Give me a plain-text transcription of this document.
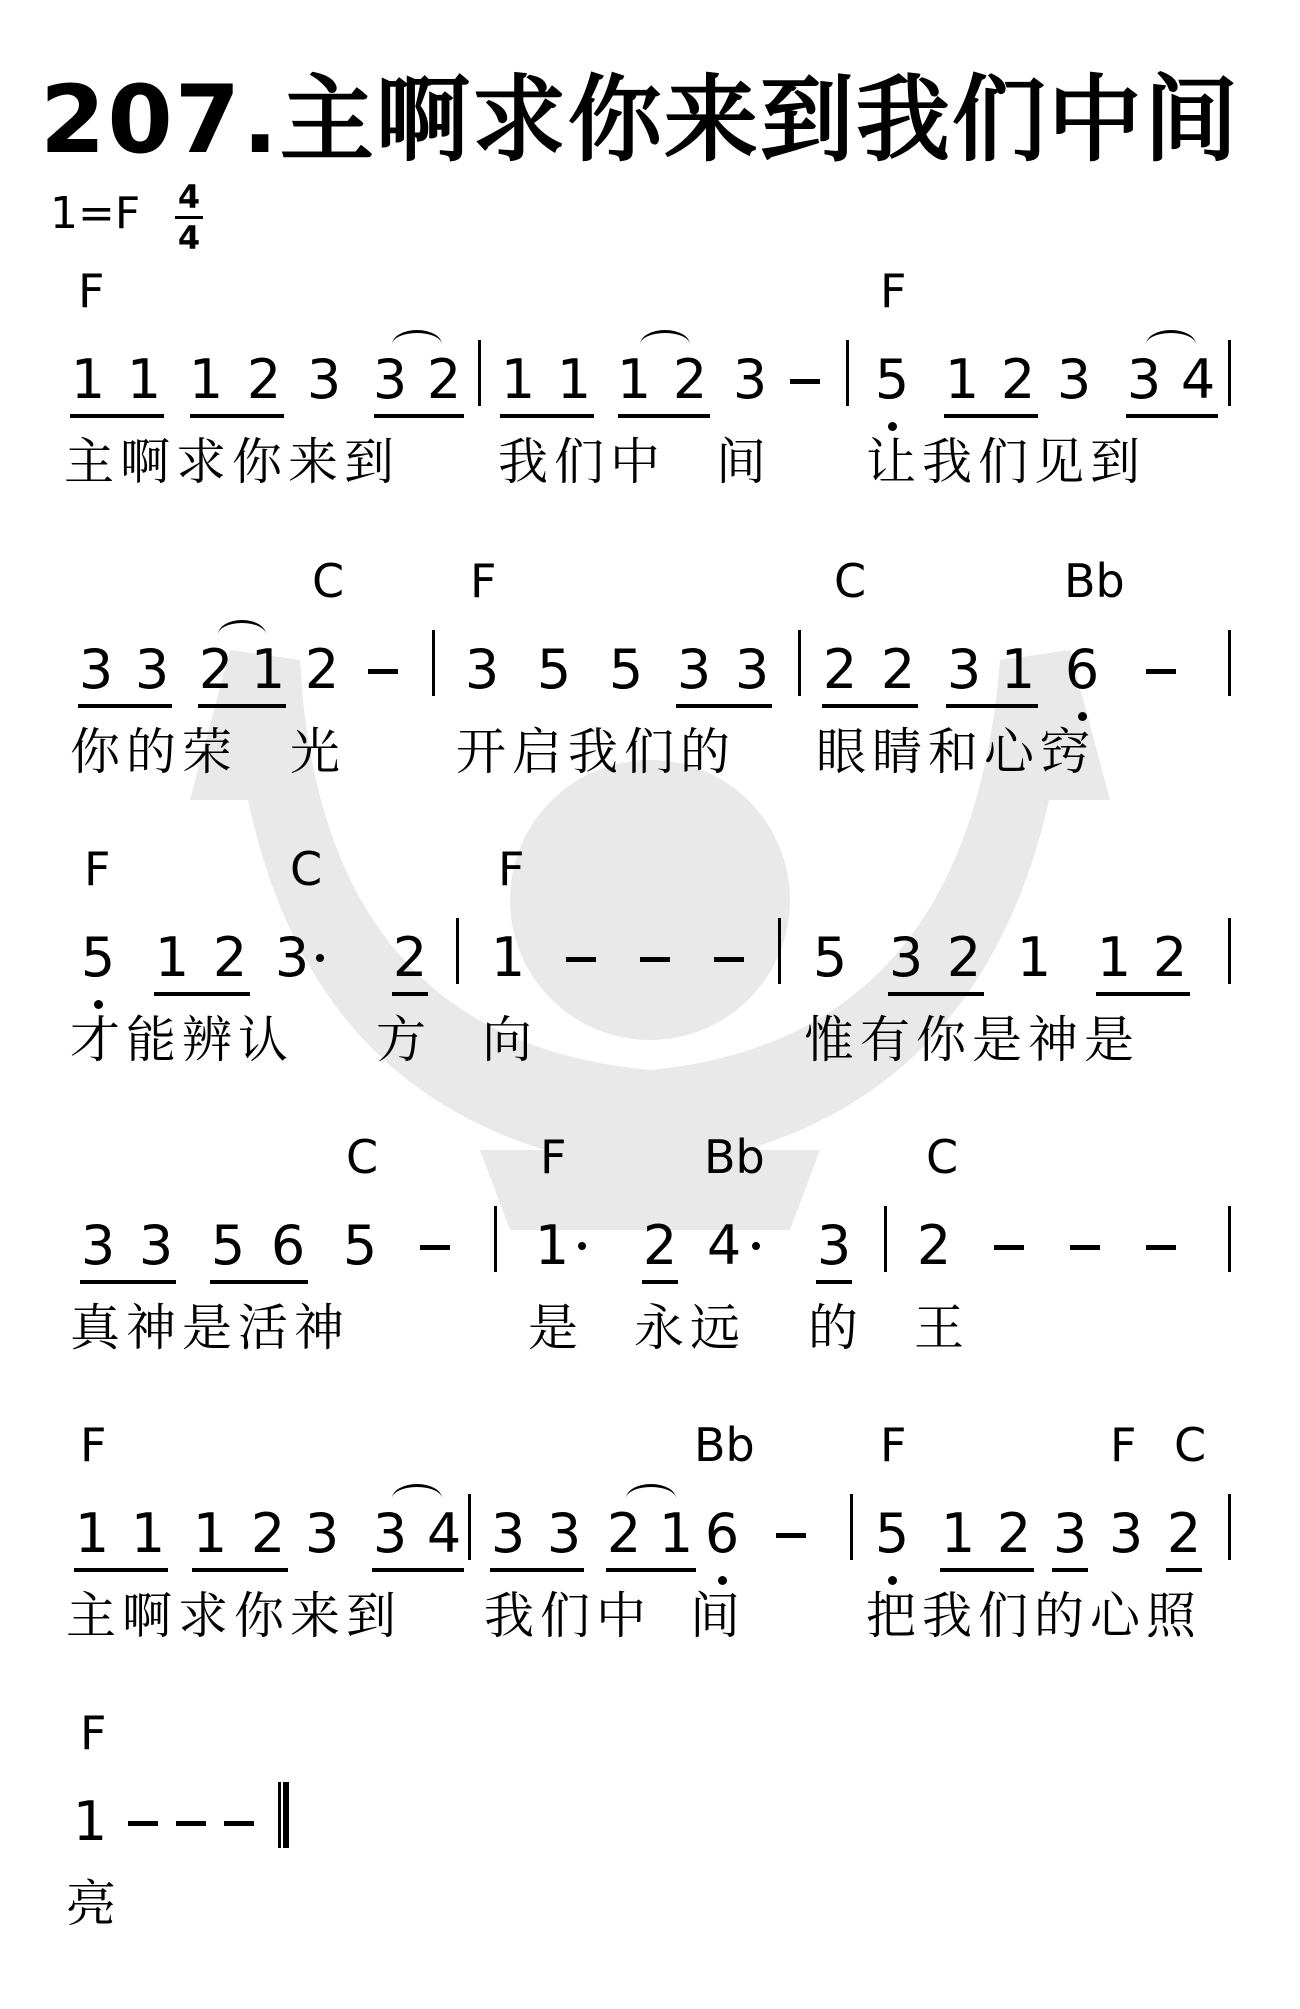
207.主啊求你来到我们中间
1=F 4
4
F	F
1 1 1 2 3 3 2 1 1 1 2 3 5 1 2 3 3 4
主啊求你来到 我们中 间 让我们见到
C	F	C	Bb
3 3 2 1 2 3 5 5 3 3 2 2 3 1 6
你的荣 光 开启我们的 眼睛和心窍
F	C	F
5 1 2 3 2 1	5 3 2 1 1 2
才能辨认 方 向	惟有你是神是
C	F	Bb	C
3 3 5 6 5	1 2 4 3 2
真神是活神	是 永远 的 王
F	Bb	F	F C
1 1 1 2 3 3 4 3 3 2 1 6	5 1 2 3 3 2
主啊求你来到 我们中 间 把我们的心照
F
1
亮
